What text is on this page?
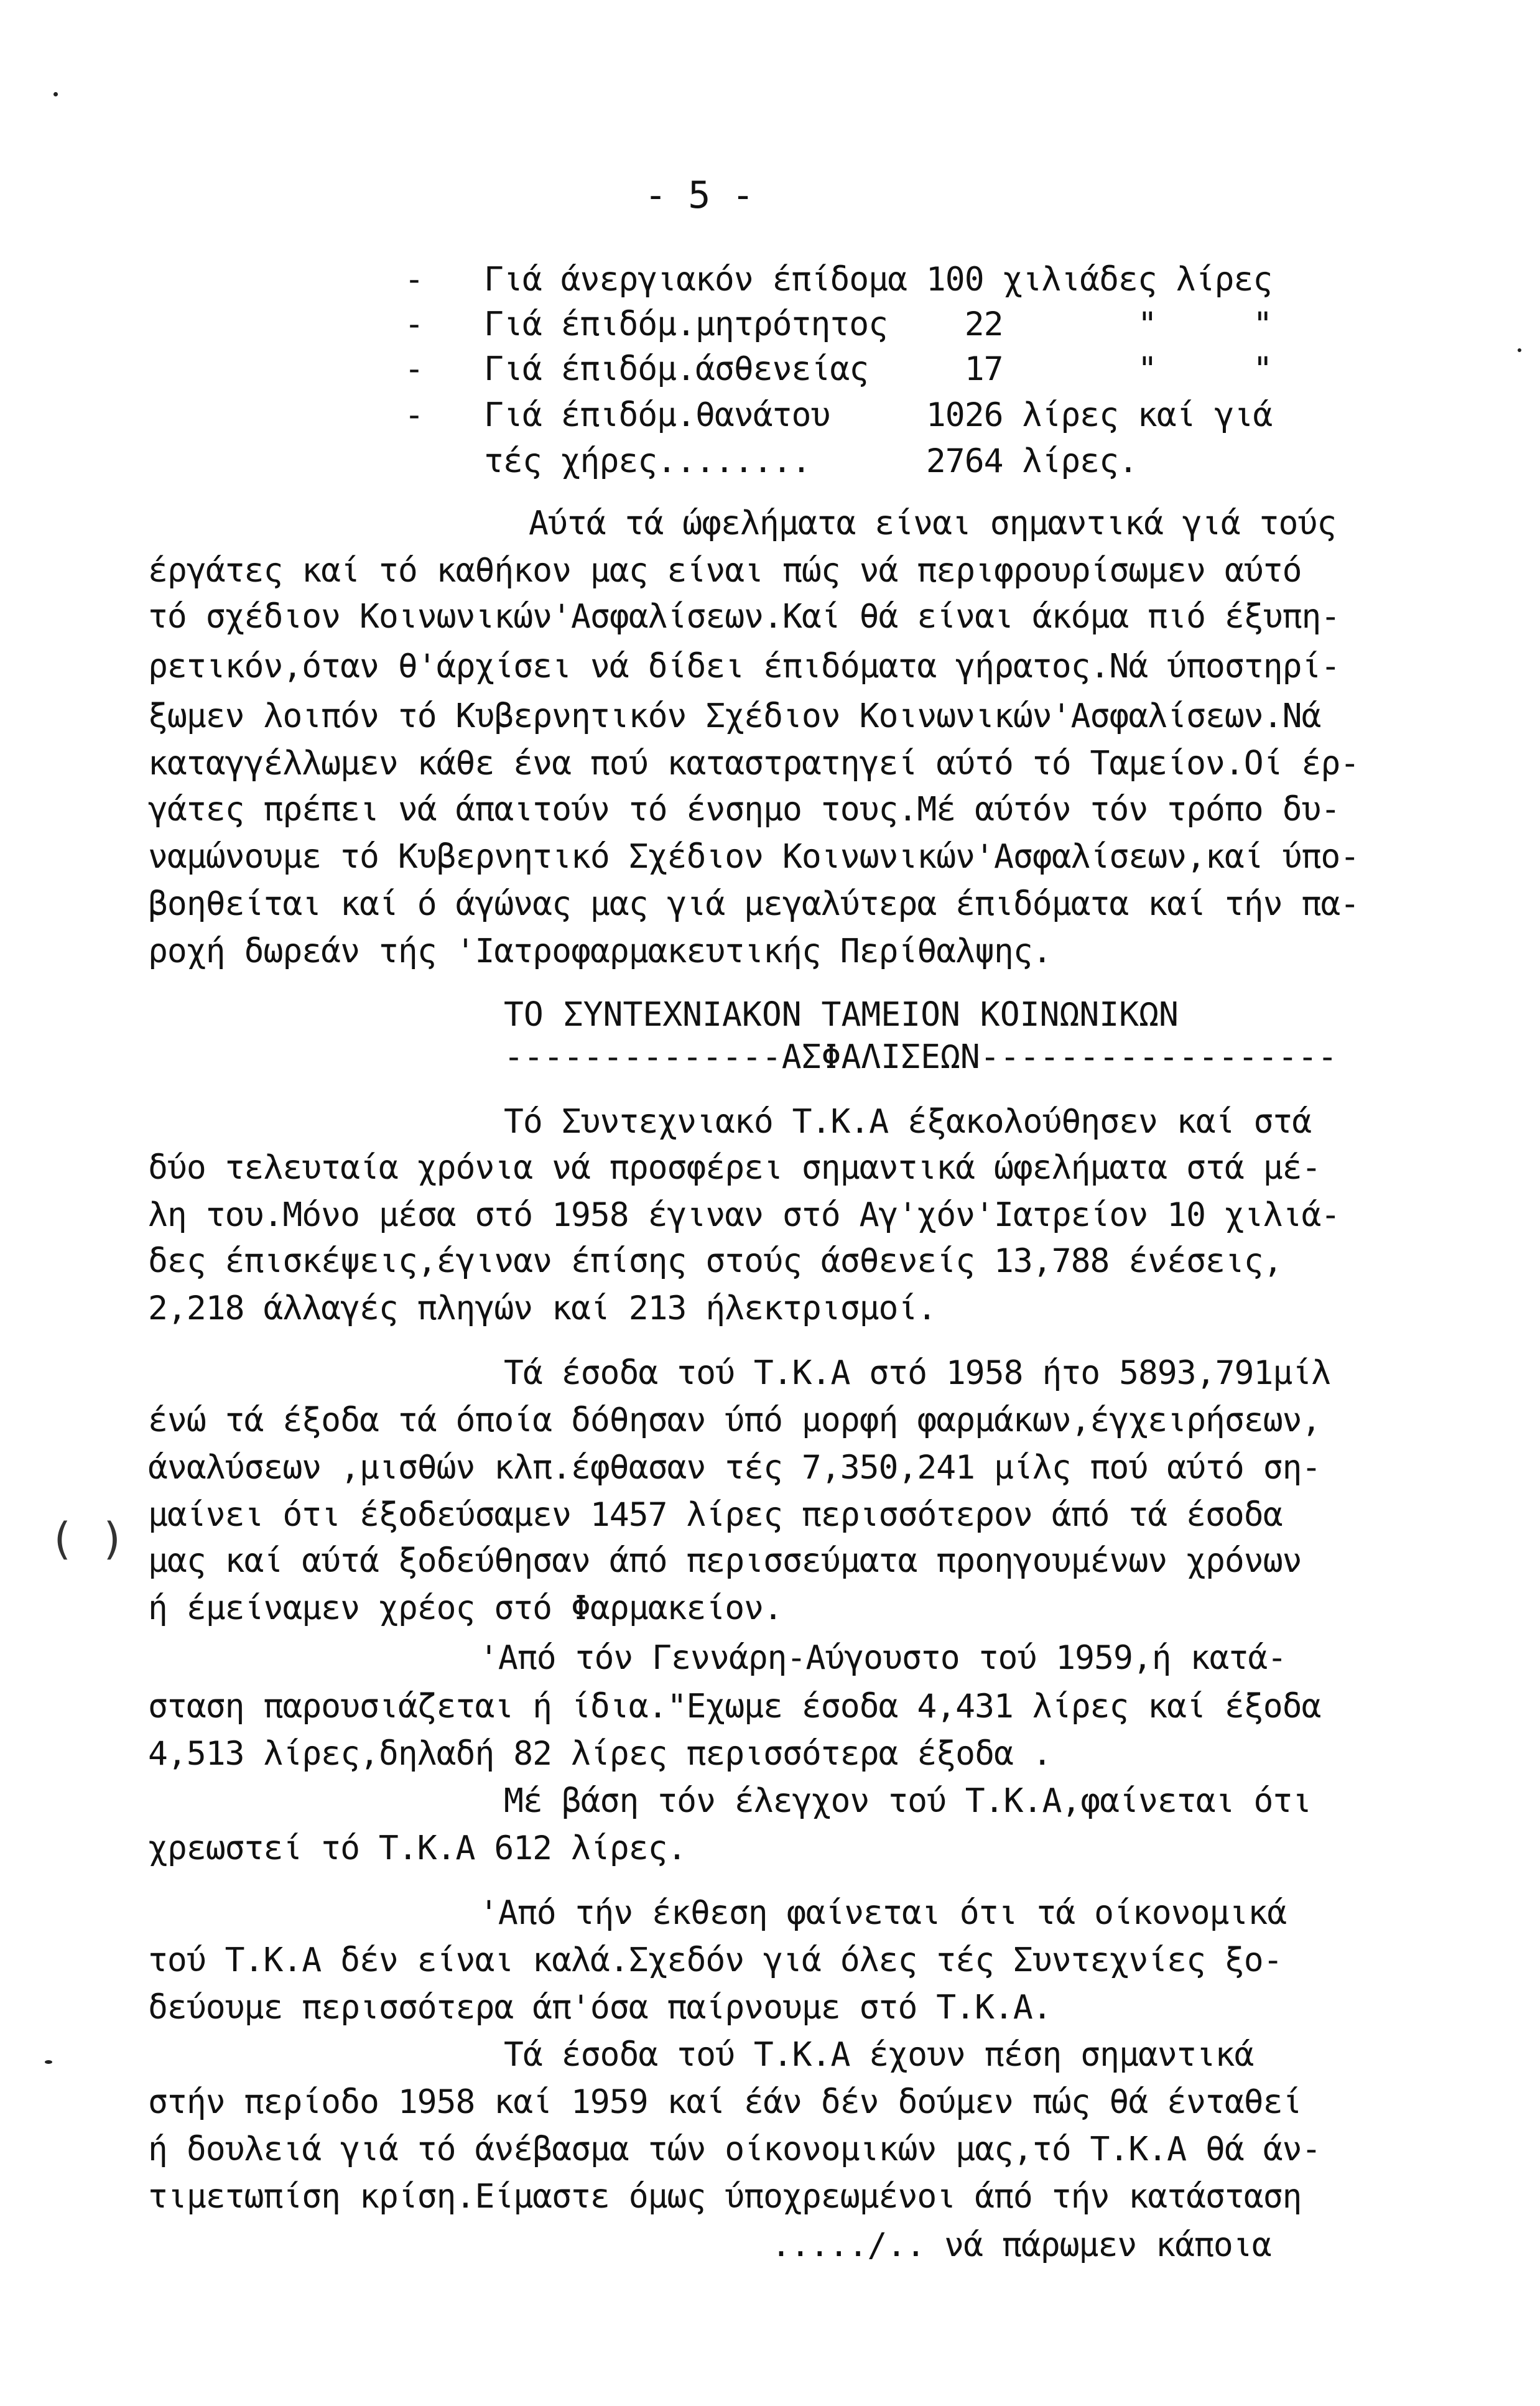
- 5 -
- Γιά άνεργιακόν έπίδομα 100 χιλιάδες λίρες
- Γιά έπιδόμ.μητρότητος    22       "     "
- Γιά έπιδόμ.άσθενείας     17       "     "
- Γιά έπιδόμ.θανάτου     1026 λίρες καί γιά
τές χήρες........      2764 λίρες.
Αύτά τά ώφελήματα είναι σημαντικά γιά τούς
έργάτες καί τό καθήκον μας είναι πώς νά περιφρουρίσωμεν αύτό
τό σχέδιον Κοινωνικών'Ασφαλίσεων.Καί θά είναι άκόμα πιό έξυπη-
ρετικόν,όταν θ'άρχίσει νά δίδει έπιδόματα γήρατος.Νά ύποστηρί-
ξωμεν λοιπόν τό Κυβερνητικόν Σχέδιον Κοινωνικών'Ασφαλίσεων.Νά
καταγγέλλωμεν κάθε ένα πού καταστρατηγεί αύτό τό Ταμείον.Οί έρ-
γάτες πρέπει νά άπαιτούν τό ένσημο τους.Μέ αύτόν τόν τρόπο δυ-
ναμώνουμε τό Κυβερνητικό Σχέδιον Κοινωνικών'Ασφαλίσεων,καί ύπο-
βοηθείται καί ό άγώνας μας γιά μεγαλύτερα έπιδόματα καί τήν πα-
ροχή δωρεάν τής 'Ιατροφαρμακευτικής Περίθαλψης.
ΤΟ ΣΥΝΤΕΧΝΙΑΚΟΝ ΤΑΜΕΙΟΝ ΚΟΙΝΩΝΙΚΩΝ
--------------ΑΣΦΑΛΙΣΕΩΝ------------------
Τό Συντεχνιακό Τ.Κ.Α έξακολούθησεν καί στά
δύο τελευταία χρόνια νά προσφέρει σημαντικά ώφελήματα στά μέ-
λη του.Μόνο μέσα στό 1958 έγιναν στό Αγ'χόν'Ιατρείον 10 χιλιά-
δες έπισκέψεις,έγιναν έπίσης στούς άσθενείς 13,788 ένέσεις,
2,218 άλλαγές πληγών καί 213 ήλεκτρισμοί.
Τά έσοδα τού Τ.Κ.Α στό 1958 ήτο 5893,791μίλ
ένώ τά έξοδα τά όποία δόθησαν ύπό μορφή φαρμάκων,έγχειρήσεων,
άναλύσεων ,μισθών κλπ.έφθασαν τές 7,350,241 μίλς πού αύτό ση-
μαίνει ότι έξοδεύσαμεν 1457 λίρες περισσότερον άπό τά έσοδα
μας καί αύτά ξοδεύθησαν άπό περισσεύματα προηγουμένων χρόνων
ή έμείναμεν χρέος στό Φαρμακείον.
( )
'Από τόν Γεννάρη-Αύγουστο τού 1959,ή κατά-
σταση παρουσιάζεται ή ίδια."Εχωμε έσοδα 4,431 λίρες καί έξοδα
4,513 λίρες,δηλαδή 82 λίρες περισσότερα έξοδα .
Μέ βάση τόν έλεγχον τού Τ.Κ.Α,φαίνεται ότι
χρεωστεί τό Τ.Κ.Α 612 λίρες.
'Από τήν έκθεση φαίνεται ότι τά οίκονομικά
τού Τ.Κ.Α δέν είναι καλά.Σχεδόν γιά όλες τές Συντεχνίες ξο-
δεύουμε περισσότερα άπ'όσα παίρνουμε στό Τ.Κ.Α.
Τά έσοδα τού Τ.Κ.Α έχουν πέση σημαντικά
στήν περίοδο 1958 καί 1959 καί έάν δέν δούμεν πώς θά ένταθεί
ή δουλειά γιά τό άνέβασμα τών οίκονομικών μας,τό Τ.Κ.Α θά άν-
τιμετωπίση κρίση.Είμαστε όμως ύποχρεωμένοι άπό τήν κατάσταση
...../.. νά πάρωμεν κάποια
